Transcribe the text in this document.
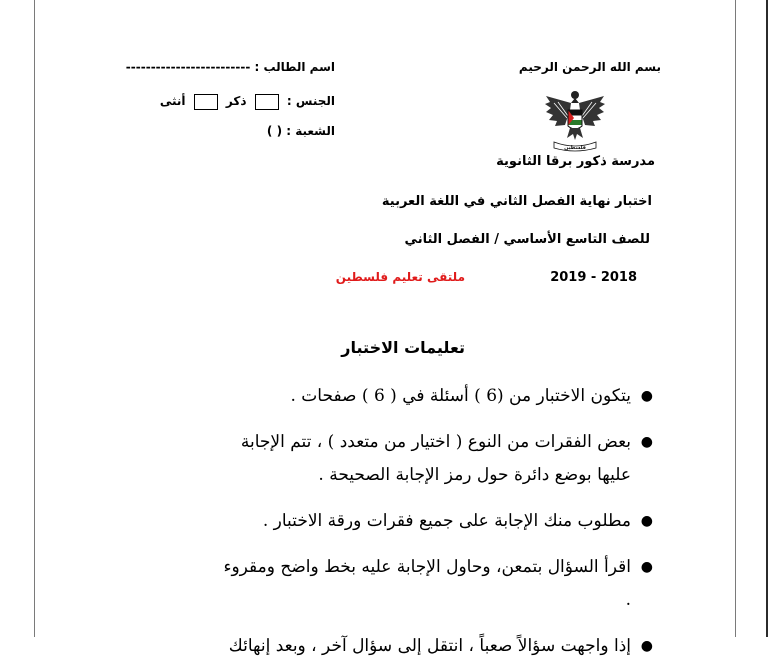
بسم الله الرحمن الرحيم
فلسطين
مدرسة ذكور برقا الثانوية
اختبار نهاية الفصل الثاني في اللغة العربية
للصف التاسع الأساسي / الفصل الثاني
2019 - 2018
ملتقى تعليم فلسطين
اسم الطالب : -------------------------
الجنس :  ذكر  أنثى
الشعبة : ( )
تعليمات الاختبار
●
يتكون الاختبار من (6 ) أسئلة في ( 6 ) صفحات .
●
بعض الفقرات من النوع ( اختيار من متعدد ) ، تتم الإجابة عليها بوضع دائرة حول رمز الإجابة الصحيحة .
●
مطلوب منك الإجابة على جميع فقرات ورقة الاختبار .
●
اقرأ السؤال بتمعن، وحاول الإجابة عليه بخط واضح ومقروء .
●
إذا واجهت سؤالاً صعباً ، انتقل إلى سؤال آخر ، وبعد إنهائك
